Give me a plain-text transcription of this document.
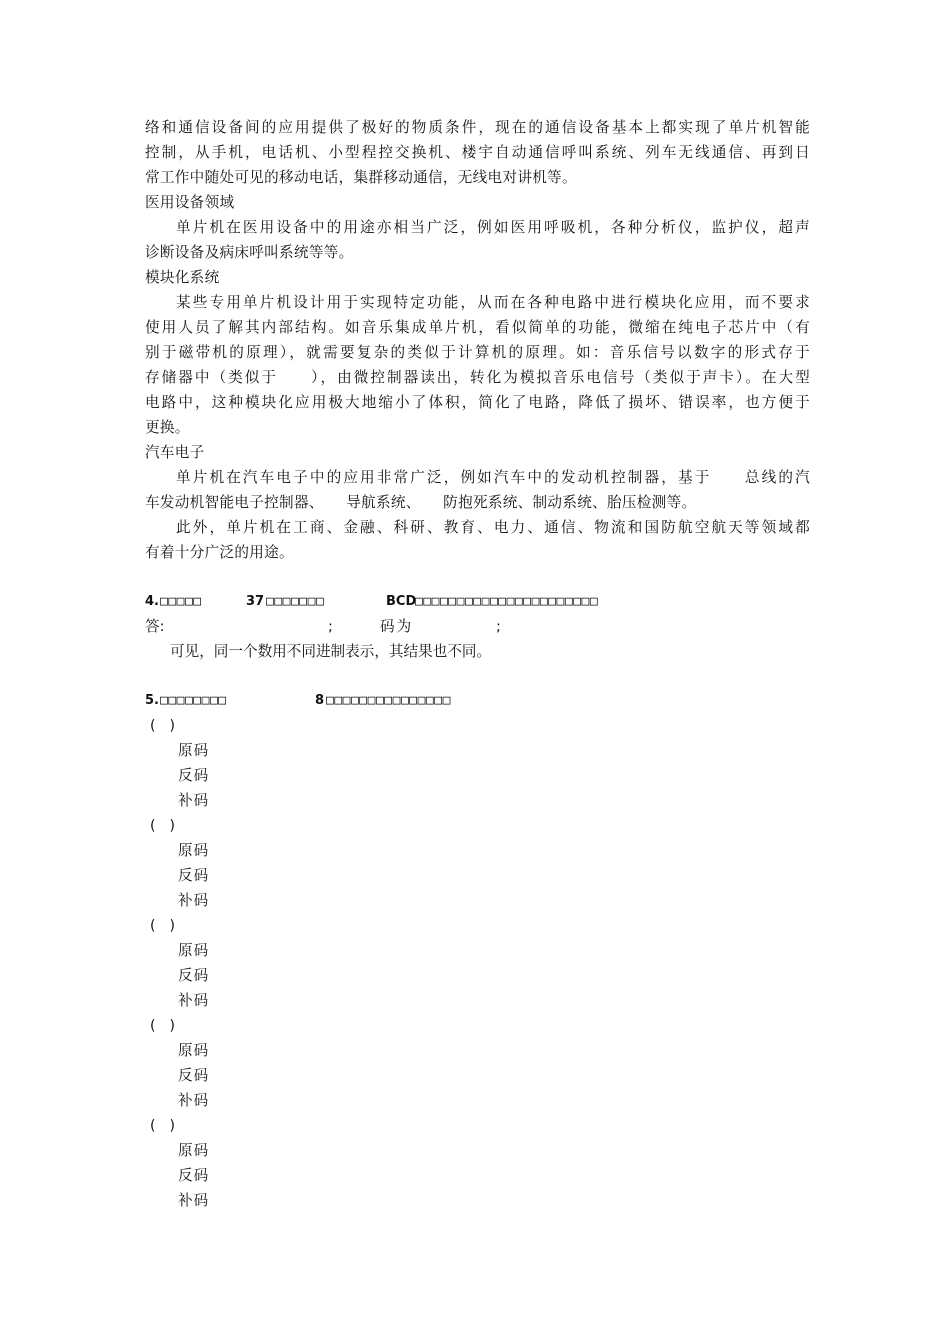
络和通信设备间的应用提供了极好的物质条件，现在的通信设备基本上都实现了单片机智能
控制，从手机，电话机、小型程控交换机、楼宇自动通信呼叫系统、列车无线通信、再到日
常工作中随处可见的移动电话，集群移动通信，无线电对讲机等。
医用设备领域
单片机在医用设备中的用途亦相当广泛，例如医用呼吸机，各种分析仪，监护仪，超声
诊断设备及病床呼叫系统等等。
模块化系统
某些专用单片机设计用于实现特定功能，从而在各种电路中进行模块化应用，而不要求
使用人员了解其内部结构。如音乐集成单片机，看似简单的功能，微缩在纯电子芯片中（有
别于磁带机的原理），就需要复杂的类似于计算机的原理。如：音乐信号以数字的形式存于
存储器中（类似于　　），由微控制器读出，转化为模拟音乐电信号（类似于声卡）。在大型
电路中，这种模块化应用极大地缩小了体积，简化了电路，降低了损坏、错误率，也方便于
更换。
汽车电子
单片机在汽车电子中的应用非常广泛，例如汽车中的发动机控制器，基于　　总线的汽
车发动机智能电子控制器、　　导航系统、　　防抱死系统、制动系统、胎压检测等。
此外，单片机在工商、金融、科研、教育、电力、通信、物流和国防航空航天等领域都
有着十分广泛的用途。
4. □□□□□	37 □□□□□□□	BCD
□□□□□□□□□□□□□□□□□□□□□□
答:	;	码为	;
可见，同一个数用不同进制表示，其结果也不同。
5. □□□□□□□□	8 □□□□□□□□□□□□□□□
(　)
原码
反码
补码
(　)
原码
反码
补码
(　)
原码
反码
补码
(　)
原码
反码
补码
(　)
原码
反码
补码
